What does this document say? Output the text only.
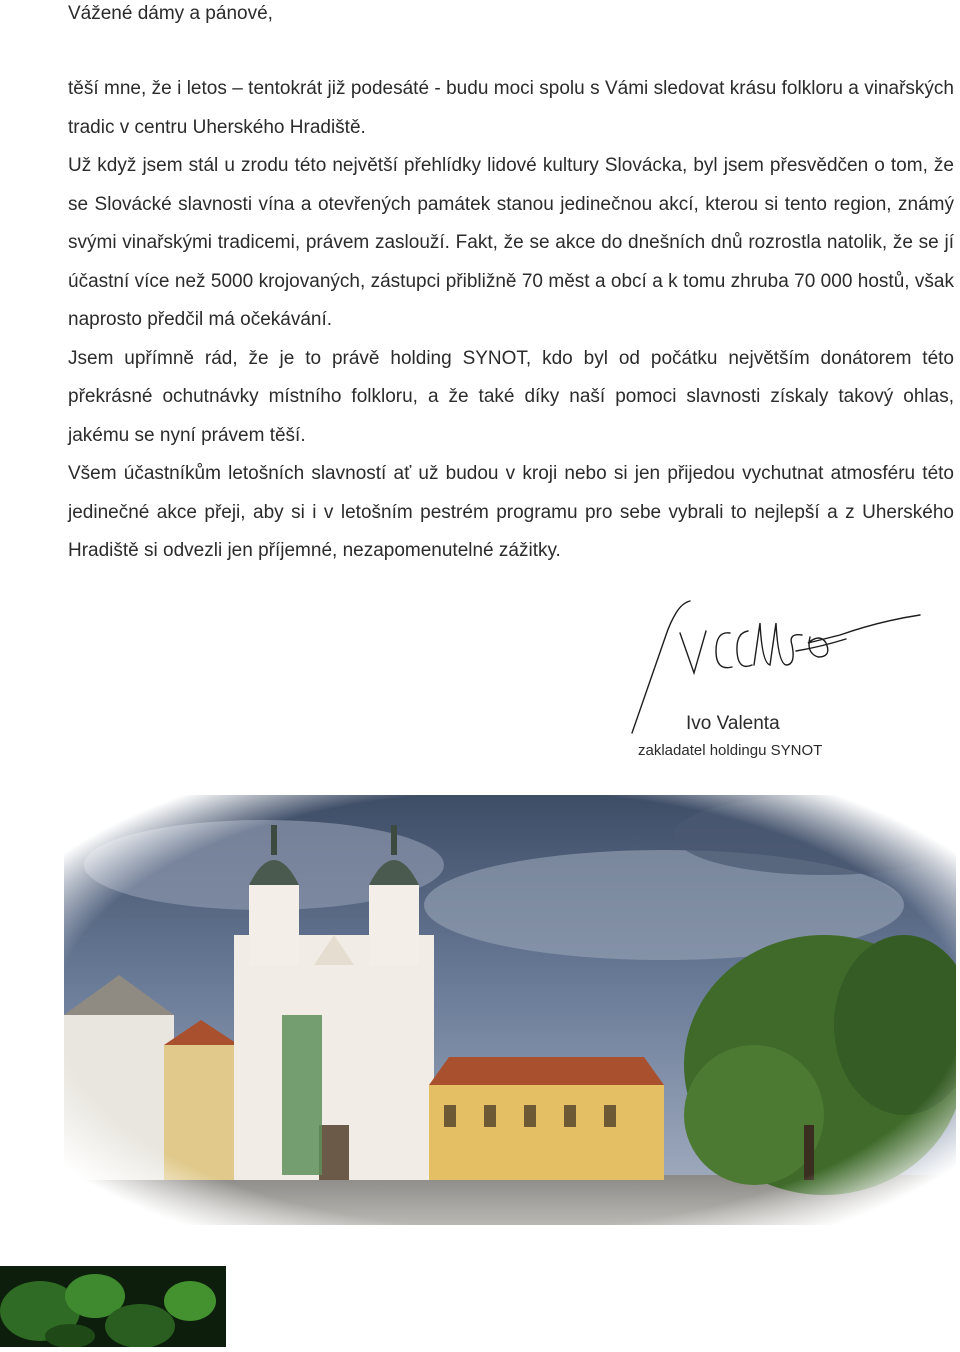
Vážené dámy a pánové,

těší mne, že i letos – tentokrát již podesáté - budu moci spolu s Vámi sledovat krásu folkloru a vinařských tradic v centru Uherského Hradiště.

Už když jsem stál u zrodu této největší přehlídky lidové kultury Slovácka, byl jsem přesvědčen o tom, že se Slovácké slavnosti vína a otevřených památek stanou jedinečnou akcí, kterou si tento region, známý svými vinařskými tradicemi, právem zaslouží. Fakt, že se akce do dnešních dnů rozrostla natolik, že se jí účastní více než 5000 krojovaných, zástupci přibližně 70 měst a obcí a k tomu zhruba 70 000 hostů, však naprosto předčil má očekávání.

Jsem upřímně rád, že je to právě holding SYNOT, kdo byl od počátku největším donátorem této překrásné ochutnávky místního folkloru, a že také díky naší pomoci slavnosti získaly takový ohlas, jakému se nyní právem těší.

Všem účastníkům letošních slavností ať už budou v kroji nebo si jen přijedou vychutnat atmosféru této jedinečné akce přeji, aby si i v letošním pestrém programu pro sebe vybrali to nejlepší a z Uherského Hradiště si odvezli jen příjemné, nezapomenutelné zážitky.

Ivo Valenta
zakladatel holdingu SYNOT
